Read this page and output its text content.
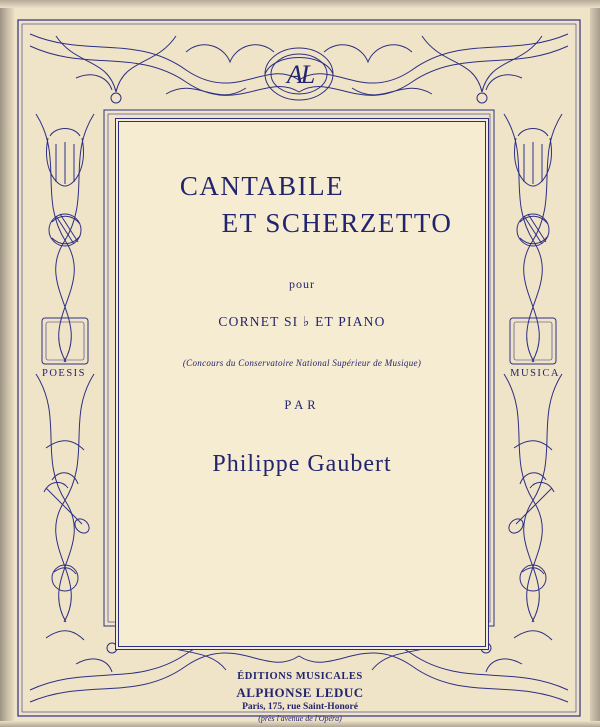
AL
POESIS	MUSICA
CANTABILE
ET SCHERZETTO
pour
CORNET SI ♭ ET PIANO
(Concours du Conservatoire National Supérieur de Musique)
PAR
Philippe Gaubert
ÉDITIONS MUSICALES
ALPHONSE LEDUC
Paris, 175, rue Saint-Honoré
(près l'avenue de l'Opéra)
